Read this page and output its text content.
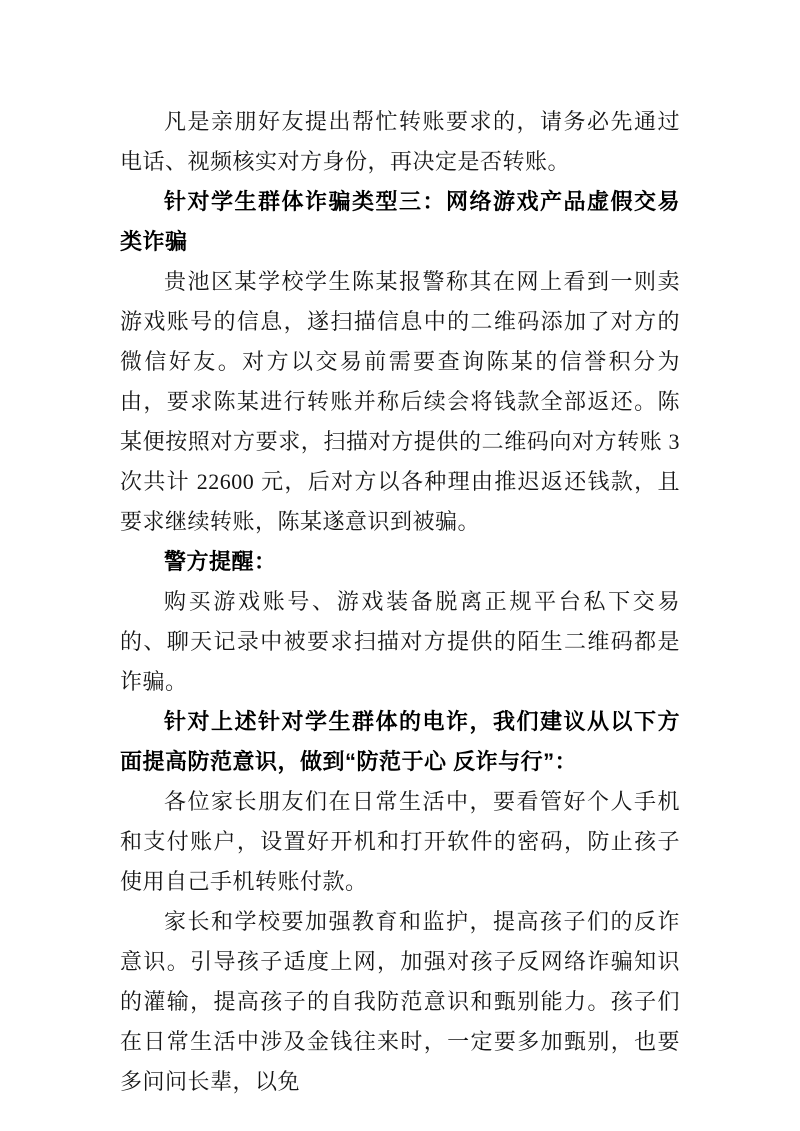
凡是亲朋好友提出帮忙转账要求的，请务必先通过电话、视频核实对方身份，再决定是否转账。

针对学生群体诈骗类型三：网络游戏产品虚假交易类诈骗

贵池区某学校学生陈某报警称其在网上看到一则卖游戏账号的信息，遂扫描信息中的二维码添加了对方的微信好友。对方以交易前需要查询陈某的信誉积分为由，要求陈某进行转账并称后续会将钱款全部返还。陈某便按照对方要求，扫描对方提供的二维码向对方转账 3 次共计 22600 元，后对方以各种理由推迟返还钱款，且要求继续转账，陈某遂意识到被骗。

警方提醒：

购买游戏账号、游戏装备脱离正规平台私下交易的、聊天记录中被要求扫描对方提供的陌生二维码都是诈骗。

针对上述针对学生群体的电诈，我们建议从以下方面提高防范意识，做到“防范于心 反诈与行”：

各位家长朋友们在日常生活中，要看管好个人手机和支付账户，设置好开机和打开软件的密码，防止孩子使用自己手机转账付款。

家长和学校要加强教育和监护，提高孩子们的反诈意识。引导孩子适度上网，加强对孩子反网络诈骗知识的灌输，提高孩子的自我防范意识和甄别能力。孩子们在日常生活中涉及金钱往来时，一定要多加甄别，也要多问问长辈，以免
